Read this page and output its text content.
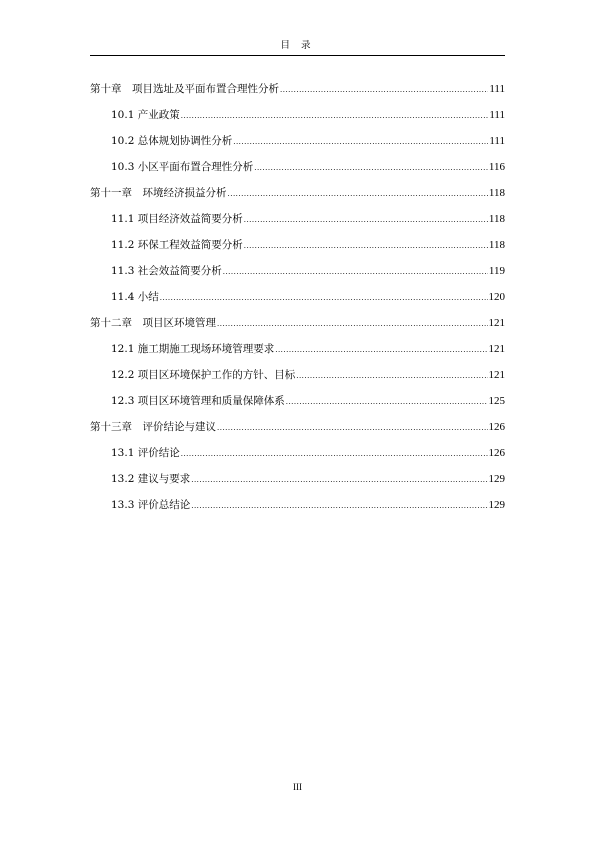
目 录
第十章　项目选址及平面布置合理性分析 .....	111
10.1 产业政策 .....	111
10.2 总体规划协调性分析 .....	111
10.3 小区平面布置合理性分析 .....	116
第十一章　环境经济损益分析 .....	118
11.1 项目经济效益简要分析 .....	118
11.2 环保工程效益简要分析 .....	118
11.3 社会效益简要分析 .....	119
11.4 小结 .....	120
第十二章　项目区环境管理 .....	121
12.1 施工期施工现场环境管理要求 .....	121
12.2 项目区环境保护工作的方针、目标 .....	121
12.3 项目区环境管理和质量保障体系 .....	125
第十三章　评价结论与建议 .....	126
13.1 评价结论 .....	126
13.2 建议与要求 .....	129
13.3 评价总结论 .....	129
III
